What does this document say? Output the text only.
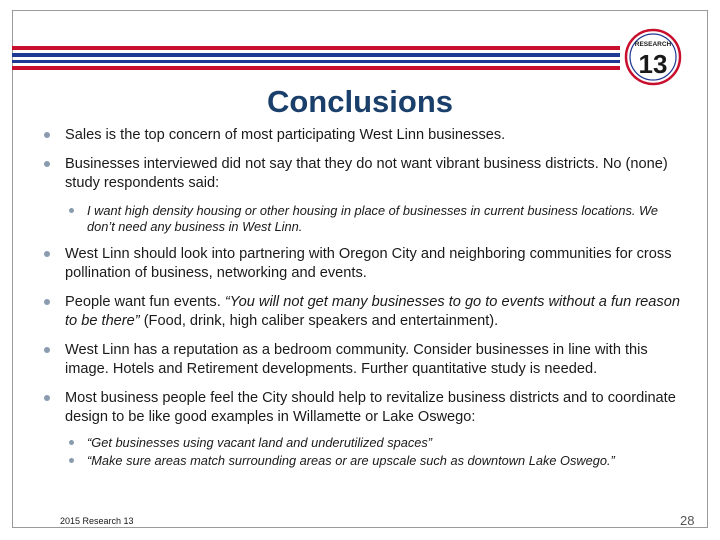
RESEARCH
13
Conclusions

Sales is the top concern of most participating West Linn businesses.

Businesses interviewed did not say that they do not want vibrant business districts. No (none) study respondents said:

I want high density housing or other housing in place of businesses in current business locations. We don’t need any business in West Linn.

West Linn should look into partnering with Oregon City and neighboring communities for cross pollination of business, networking and events.

People want fun events. “You will not get many businesses to go to events without a fun reason to be there” (Food, drink, high caliber speakers and entertainment).

West Linn has a reputation as a bedroom community. Consider businesses in line with this image. Hotels and Retirement developments. Further quantitative study is needed.

Most business people feel the City should help to revitalize business districts and to coordinate design to be like good examples in Willamette or Lake Oswego:

“Get businesses using vacant land and underutilized spaces”

“Make sure areas match surrounding areas or are upscale such as downtown Lake Oswego.”

2015 Research 13	28
